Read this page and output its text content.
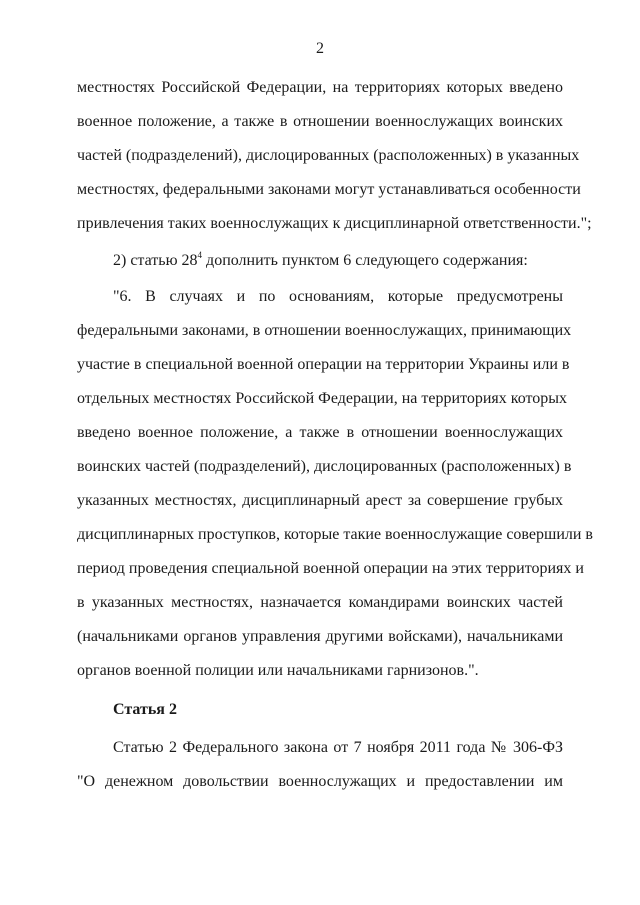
2
местностях Российской Федерации, на территориях которых введено
военное положение, а также в отношении военнослужащих воинских
частей (подразделений), дислоцированных (расположенных) в указанных
местностях, федеральными законами могут устанавливаться особенности
привлечения таких военнослужащих к дисциплинарной ответственности.";
2) статью $28^4$ дополнить пунктом 6 следующего содержания:
" 6. В случаях и по основаниям, которые предусмотрены
федеральными законами, в отношении военнослужащих, принимающих
участие в специальной военной операции на территории Украины или в
отдельных местностях Российской Федерации, на территориях которых
введено военное положение, а также в отношении военнослужащих
воинских частей (подразделений), дислоцированных (расположенных) в
указанных местностях, дисциплинарный арест за совершение грубых
дисциплинарных проступков, которые такие военнослужащие совершили в
период проведения специальной военной операции на этих территориях и
в указанных местностях, назначается командирами воинских частей
(начальниками органов управления другими войсками), начальниками
органов военной полиции или начальниками гарнизонов.".
Статья 2
Статью 2 Федерального закона от 7 ноября 2011 года № 306-ФЗ
"О денежном довольствии военнослужащих и предоставлении им
